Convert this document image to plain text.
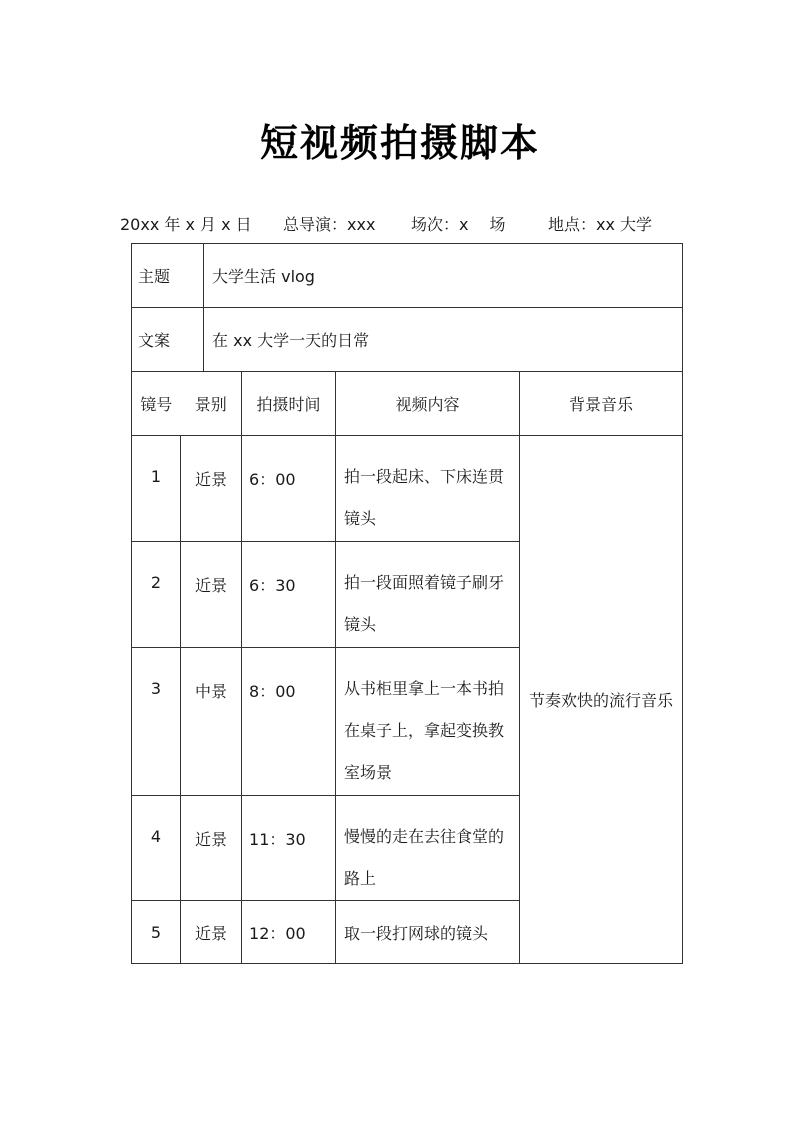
短视频拍摄脚本
20xx 年 x 月 x 日 总导演：xxx 场次：x　 场	地点：xx 大学
主题		大学生活 vlog			
文案		在 xx 大学一天的日常			

镜号 景别			拍摄时间	视频内容	背景音乐
1	近景		6：00	拍一段起床、下床连贯镜头	节奏欢快的流行音乐
2	近景		6：30	拍一段面照着镜子刷牙镜头	
3	中景		8：00	从书柜里拿上一本书拍在桌子上，拿起变换教室场景	
4	近景		11：30	慢慢的走在去往食堂的路上	
5	近景		12：00	取一段打网球的镜头	
